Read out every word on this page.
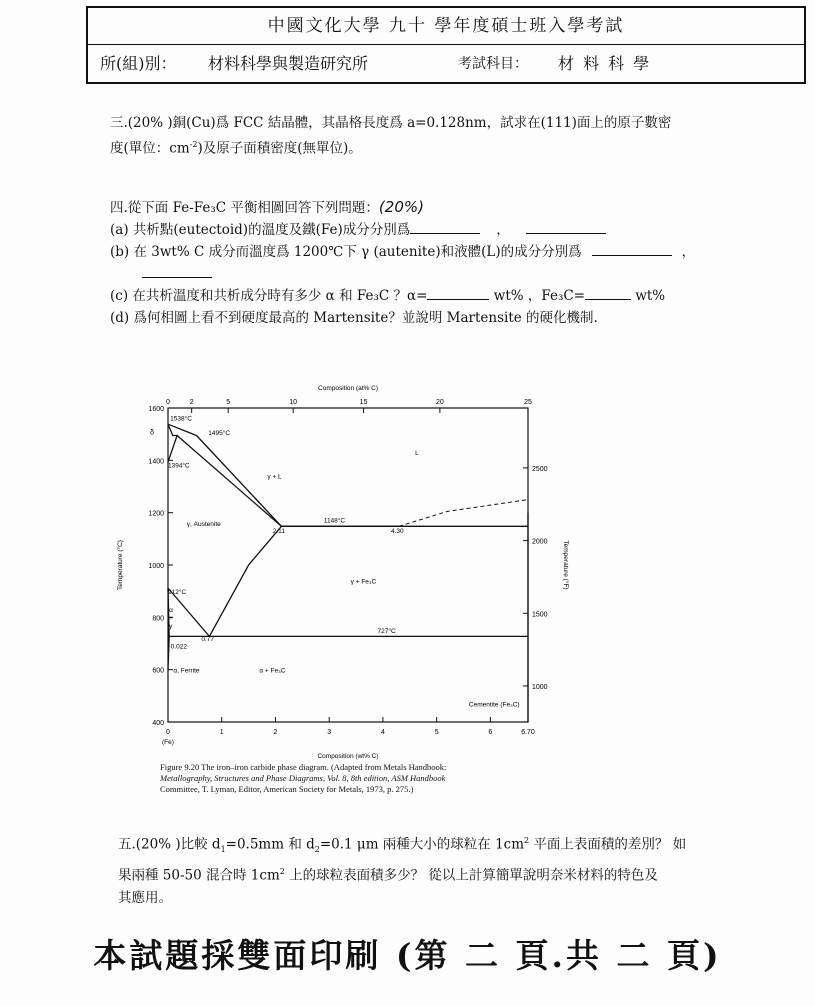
中國文化大學 九十 學年度碩士班入學考試
所(組)別： 材料科學與製造研究所	考試科目： 材 料 科 學
三.(20% )銅(Cu)爲 FCC 結晶體，其晶格長度爲 a=0.128nm，試求在(111)面上的原子數密
度(單位：$cm^{-2}$)及原子面積密度(無單位)。
四.從下面 Fe-Fe₃C 平衡相圖回答下列問題：(20%)
(a) 共析點(eutectoid)的溫度及鐵(Fe)成分分別爲	，
(b) 在 3wt% C 成分而溫度爲 1200℃下 γ (autenite)和液體(L)的成分分別爲	，
(c) 在共析溫度和共析成分時有多少 α 和 Fe₃C ？α=	wt% ，Fe₃C=	wt%
(d) 爲何相圖上看不到硬度最高的 Martensite？並說明 Martensite 的硬化機制.
0	1	2	3	4	5	6	6.70
(Fe)
0	2	5	10	15	20	25
400
600
800
1000
1200
1400
1600
δ
1000
1500
2000
2500
Composition (at% C)
Composition (wt% C)
Temperature (°C)	Temperature (°F)
1538°C
1495°C
1394°C
912°C
1148°C
727°C
2.11	4.30
0.77
0.022
α
+
γ
γ + L
L
γ, Austenite
γ + Fe₃C
α, Ferrite	α + Fe₃C
Cementite (Fe₃C)
Figure 9.20 The iron–iron carbide phase diagram. (Adapted from Metals Handbook:
Metallography, Structures and Phase Diagrams, Vol. 8, 8th edition, ASM Handbook
Committee, T. Lyman, Editor, American Society for Metals, 1973, p. 275.)
五.(20% )比較 $d_1=0.5mm$ 和 $d_2=0.1$ μm 兩種大小的球粒在 $1cm^2$ 平面上表面積的差別？ 如
果兩種 50-50 混合時 $1cm^2$ 上的球粒表面積多少？ 從以上計算簡單說明奈米材料的特色及
其應用。
本試題採雙面印刷 (第 二 頁.共 二 頁)
